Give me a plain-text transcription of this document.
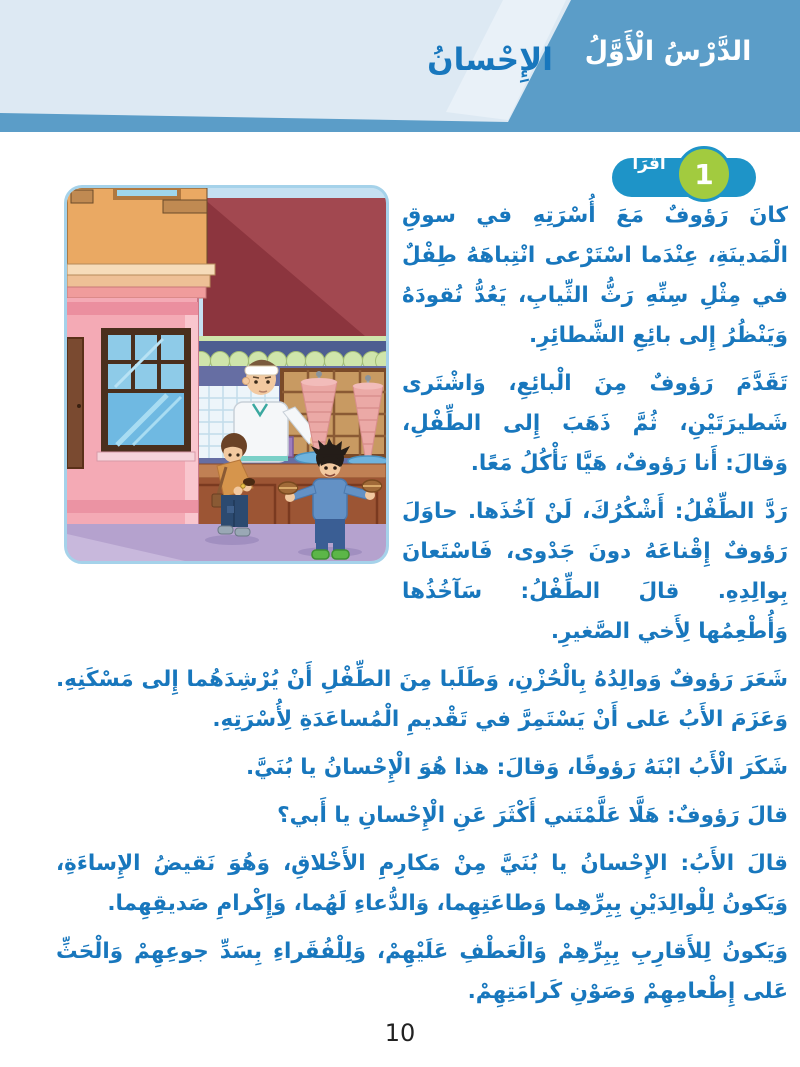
الدَّرْسُ الْأَوَّلُ
الإِحْسانُ
أَقْرَأُ	1

كانَ رَؤوفٌ مَعَ أُسْرَتِهِ في سوقِ الْمَدينَةِ، عِنْدَما اسْتَرْعى انْتِباهَهُ طِفْلٌ في مِثْلِ سِنِّهِ رَثُّ الثِّيابِ، يَعُدُّ نُقودَهُ وَيَنْظُرُ إِلى بائِعِ الشَّطائِرِ.

تَقَدَّمَ رَؤوفٌ مِنَ الْبائِعِ، وَاشْتَرى شَطيرَتَيْنِ، ثُمَّ ذَهَبَ إِلى الطِّفْلِ، وَقالَ: أَنا رَؤوفٌ، هَيَّا نَأْكُلُ مَعًا.

رَدَّ الطِّفْلُ: أَشْكُرُكَ، لَنْ آخُذَها. حاوَلَ رَؤوفٌ إِقْناعَهُ دونَ جَدْوى، فَاسْتَعانَ بِوالِدِهِ. قالَ الطِّفْلُ: سَآخُذُها وَأُطْعِمُها لِأَخي الصَّغيرِ.

شَعَرَ رَؤوفٌ وَوالِدُهُ بِالْحُزْنِ، وَطَلَبا مِنَ الطِّفْلِ أَنْ يُرْشِدَهُما إِلى مَسْكَنِهِ. وَعَزَمَ الأَبُ عَلى أَنْ يَسْتَمِرَّ في تَقْديمِ الْمُساعَدَةِ لِأُسْرَتِهِ.

شَكَرَ الْأَبُ ابْنَهُ رَؤوفًا، وَقالَ: هذا هُوَ الْإِحْسانُ يا بُنَيَّ.

قالَ رَؤوفٌ: هَلَّا عَلَّمْتَني أَكْثَرَ عَنِ الْإِحْسانِ يا أَبي؟

قالَ الأَبُ: الإِحْسانُ يا بُنَيَّ مِنْ مَكارِمِ الأَخْلاقِ، وَهُوَ نَقيضُ الإِساءَةِ، وَيَكونُ لِلْوالِدَيْنِ بِبِرِّهِما وَطاعَتِهِما، وَالدُّعاءِ لَهُما، وَإِكْرامِ صَديقِهِما.

وَيَكونُ لِلأَقارِبِ بِبِرِّهِمْ وَالْعَطْفِ عَلَيْهِمْ، وَلِلْفُقَراءِ بِسَدِّ جوعِهِمْ وَالْحَثِّ عَلى إِطْعامِهِمْ وَصَوْنِ كَرامَتِهِمْ.

10
